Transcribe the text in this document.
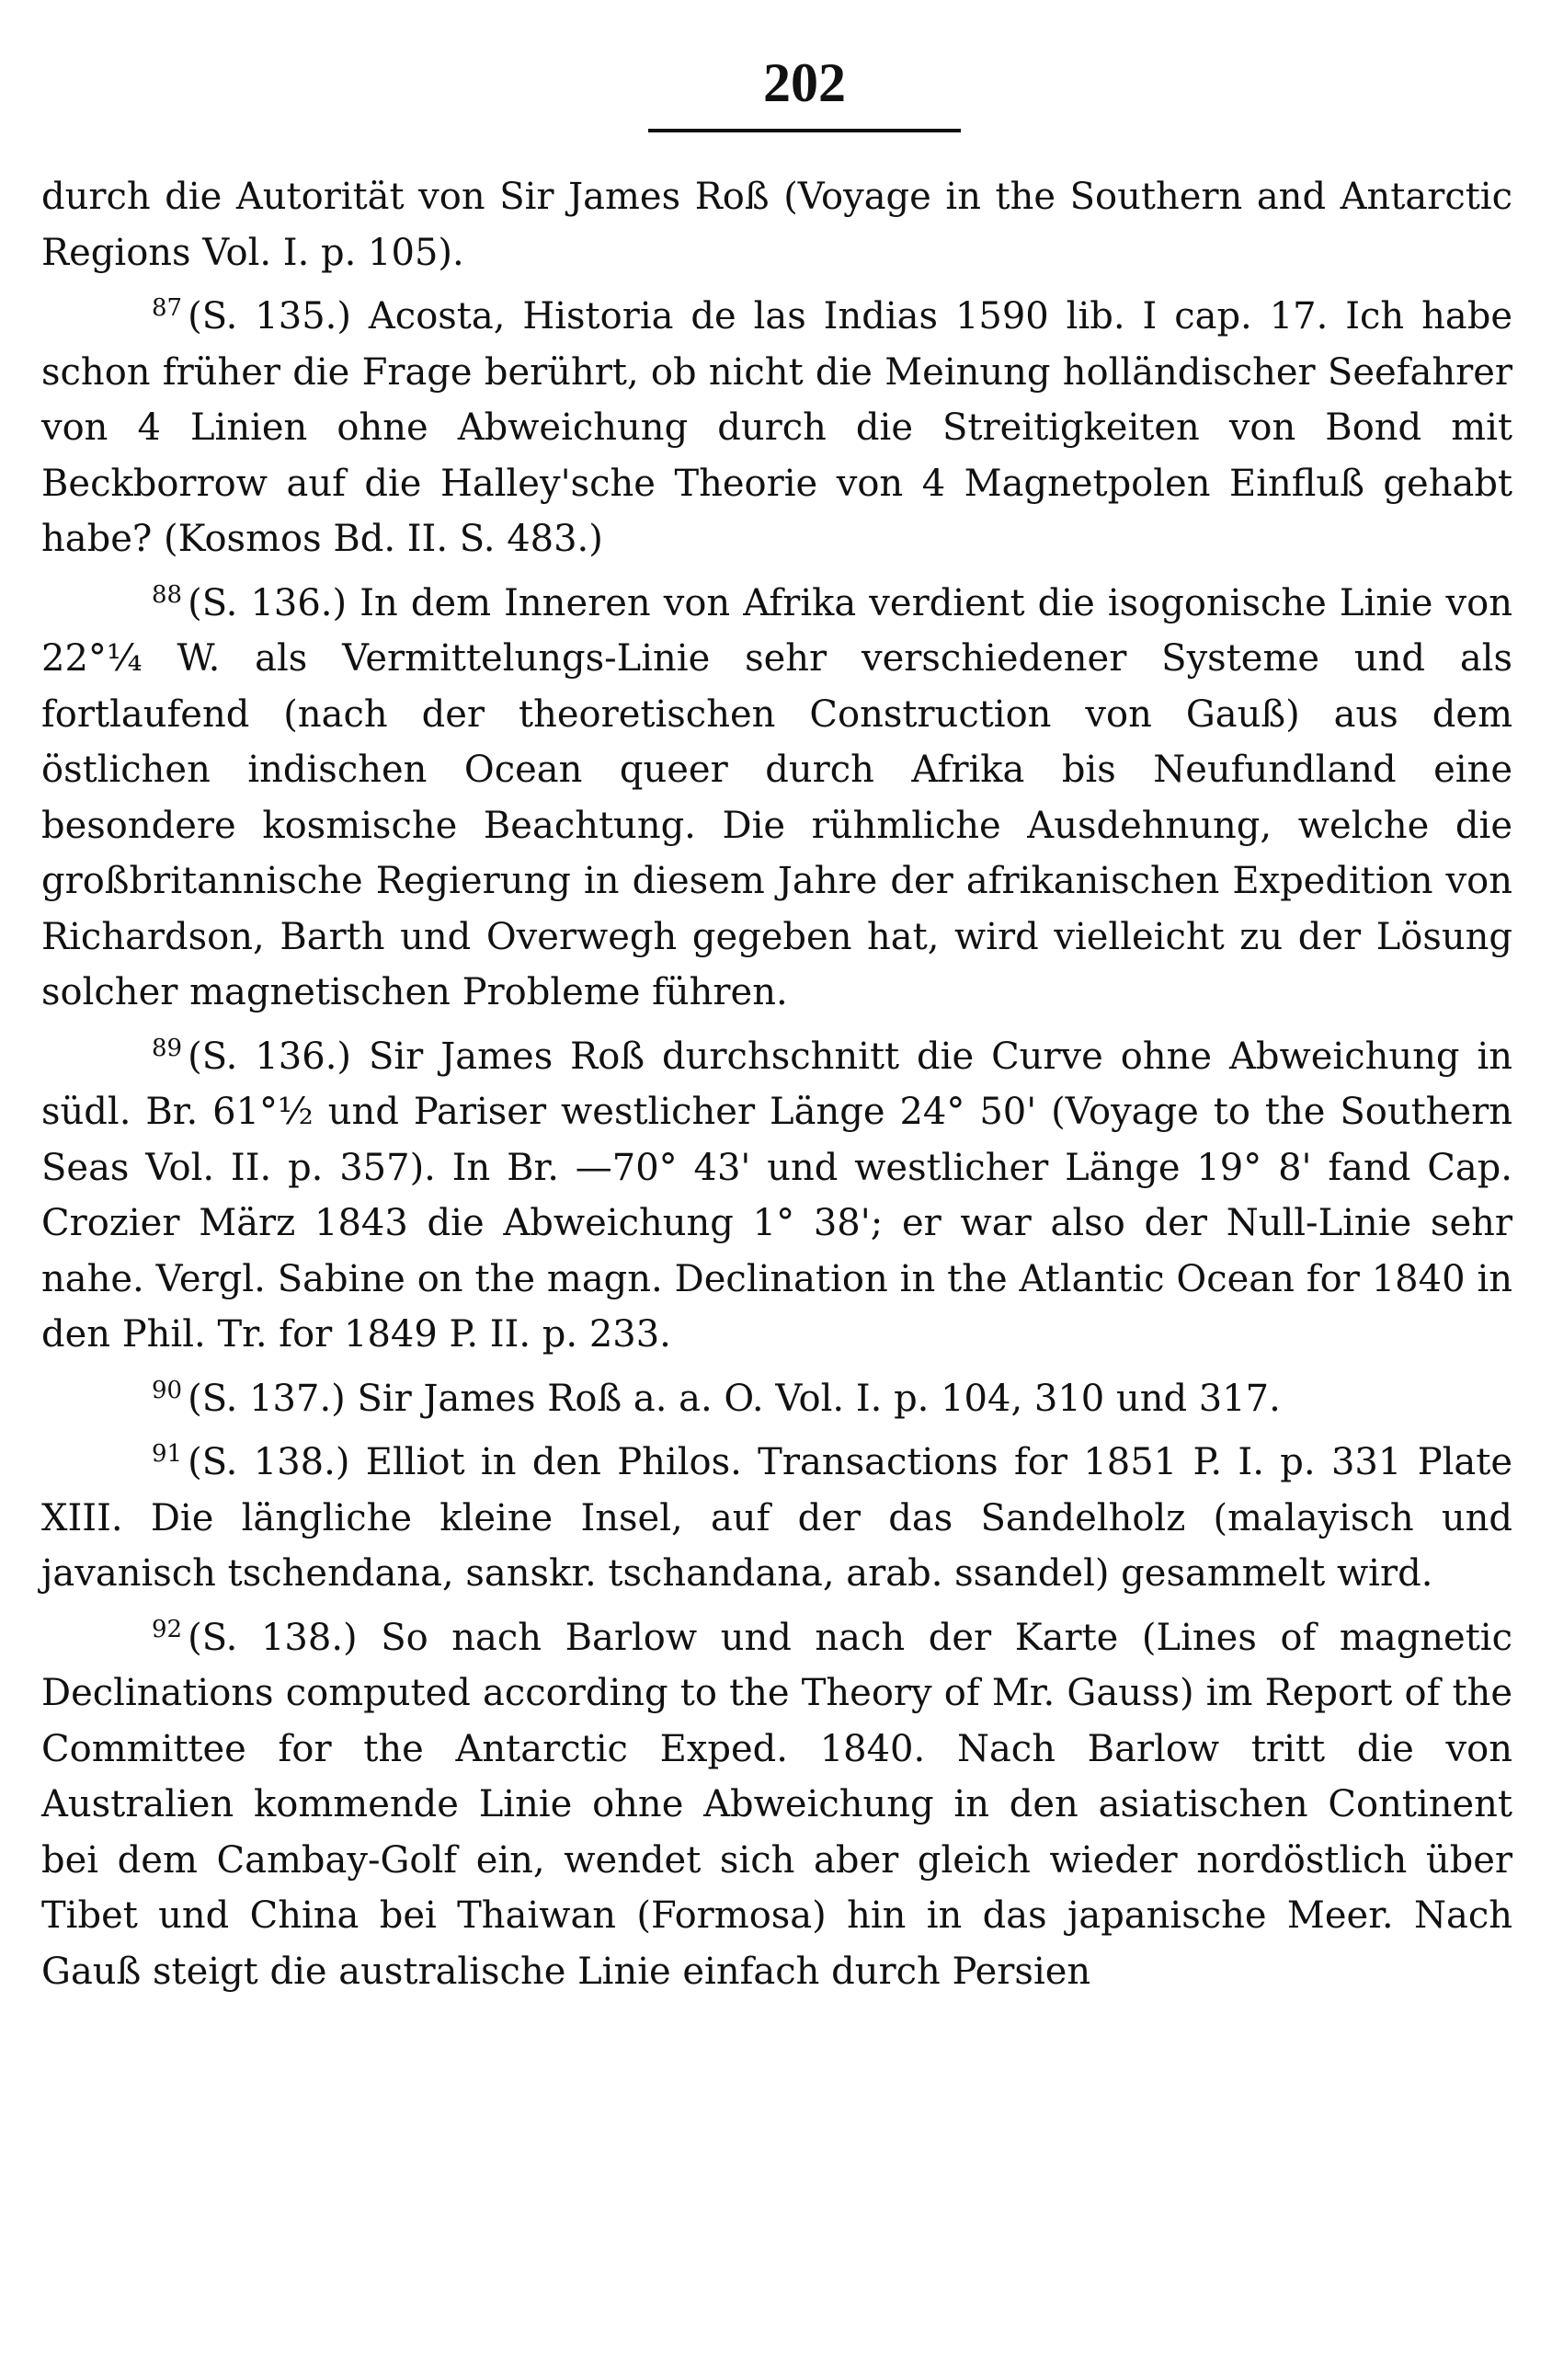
202

durch die Autorität von Sir James Roß (Voyage in the Southern and Antarctic Regions Vol. I. p. 105).

$^{87}$ (S. 135.) Acosta, Historia de las Indias 1590 lib. I cap. 17. Ich habe schon früher die Frage berührt, ob nicht die Meinung holländischer Seefahrer von 4 Linien ohne Abweichung durch die Streitigkeiten von Bond mit Beckborrow auf die Halley'sche Theorie von 4 Magnetpolen Einfluß gehabt habe? (Kosmos Bd. II. S. 483.)

$^{88}$ (S. 136.) In dem Inneren von Afrika verdient die isogonische Linie von 22°¼ W. als Vermittelungs-Linie sehr verschiedener Systeme und als fortlaufend (nach der theoretischen Construction von Gauß) aus dem östlichen indischen Ocean queer durch Afrika bis Neufundland eine besondere kosmische Beachtung. Die rühmliche Ausdehnung, welche die großbritannische Regierung in diesem Jahre der afrikanischen Expedition von Richardson, Barth und Overwegh gegeben hat, wird vielleicht zu der Lösung solcher magnetischen Probleme führen.

$^{89}$ (S. 136.) Sir James Roß durchschnitt die Curve ohne Abweichung in südl. Br. 61°½ und Pariser westlicher Länge 24° 50' (Voyage to the Southern Seas Vol. II. p. 357). In Br. —70° 43' und westlicher Länge 19° 8' fand Cap. Crozier März 1843 die Abweichung 1° 38'; er war also der Null-Linie sehr nahe. Vergl. Sabine on the magn. Declination in the Atlantic Ocean for 1840 in den Phil. Tr. for 1849 P. II. p. 233.

$^{90}$ (S. 137.) Sir James Roß a. a. O. Vol. I. p. 104, 310 und 317.

$^{91}$ (S. 138.) Elliot in den Philos. Transactions for 1851 P. I. p. 331 Plate XIII. Die längliche kleine Insel, auf der das Sandelholz (malayisch und javanisch tschendana, sanskr. tschandana, arab. ssandel) gesammelt wird.

$^{92}$ (S. 138.) So nach Barlow und nach der Karte (Lines of magnetic Declinations computed according to the Theory of Mr. Gauss) im Report of the Committee for the Antarctic Exped. 1840. Nach Barlow tritt die von Australien kommende Linie ohne Abweichung in den asiatischen Continent bei dem Cambay-Golf ein, wendet sich aber gleich wieder nordöstlich über Tibet und China bei Thaiwan (Formosa) hin in das japanische Meer. Nach Gauß steigt die australische Linie einfach durch Persien
